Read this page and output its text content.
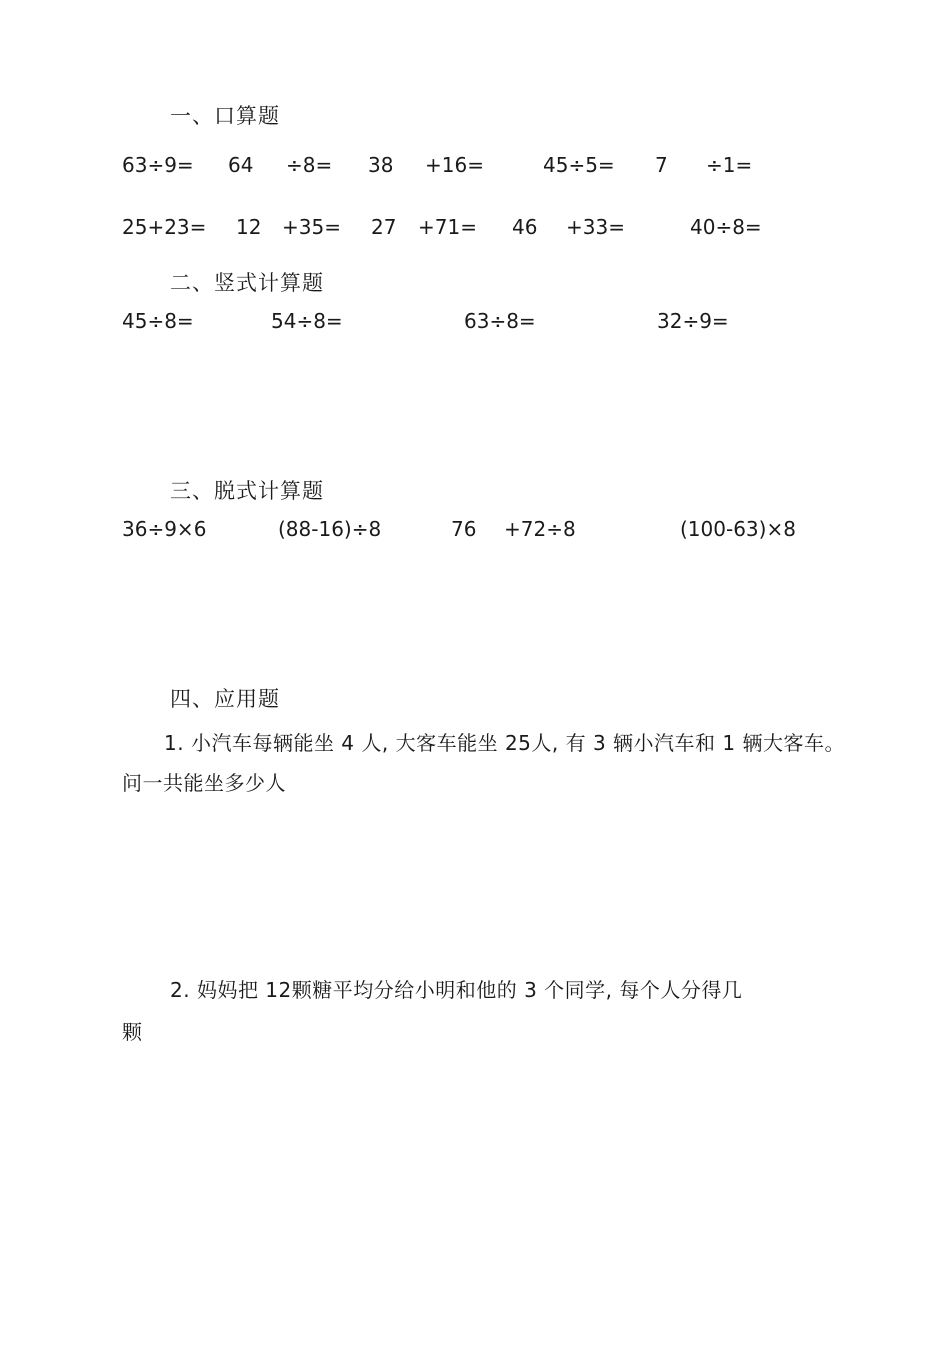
一、口算题
63÷9= 64 ÷8= 38 +16=	45÷5= 7 ÷1=
25+23= 12 +35= 27 +71= 46 +33=	40÷8=
二、竖式计算题
45÷8=	54÷8=	63÷8=	32÷9=
三、脱式计算题
36÷9×6	(88-16)÷8	76 +72÷8	(100-63)×8
四、应用题
1. 小汽车每辆能坐 4 人, 大客车能坐 25人, 有 3 辆小汽车和 1 辆大客车。
问一共能坐多少人
2. 妈妈把 12颗糖平均分给小明和他的 3 个同学, 每个人分得几
颗
